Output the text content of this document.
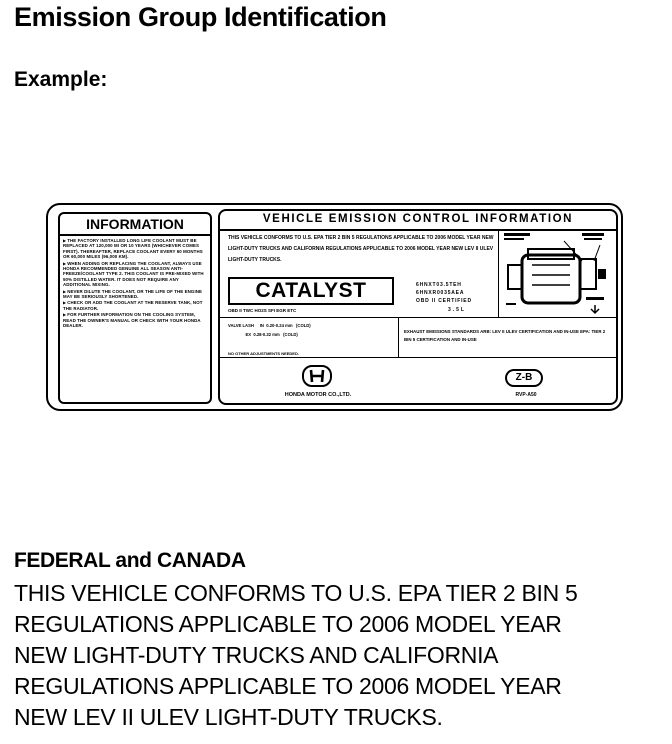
Emission Group Identification
Example:
INFORMATION
▶ THE FACTORY INSTALLED LONG LIFE COOLANT MUST BE REPLACED AT 120,000 MI OR 10 YEARS (WHICHEVER COMES FIRST). THEREAFTER, REPLACE COOLANT EVERY 60 MONTHS OR 60,000 MILES (96,000 KM).
▶ WHEN ADDING OR REPLACING THE COOLANT, ALWAYS USE HONDA RECOMMENDED GENUINE ALL SEASON ANTI-FREEZE/COOLANT TYPE 2. THIS COOLANT IS PRE-MIXED WITH 50% DISTILLED WATER. IT DOES NOT REQUIRE ANY ADDITIONAL MIXING.
▶ NEVER DILUTE THE COOLANT, OR THE LIFE OF THE ENGINE MAY BE SERIOUSLY SHORTENED.
▶ CHECK OR ADD THE COOLANT AT THE RESERVE TANK, NOT THE RADIATOR.
▶ FOR FURTHER INFORMATION ON THE COOLING SYSTEM, READ THE OWNER'S MANUAL OR CHECK WITH YOUR HONDA DEALER.
VEHICLE EMISSION CONTROL INFORMATION
THIS VEHICLE CONFORMS TO U.S. EPA TIER 2 BIN 5 REGULATIONS APPLICABLE TO 2006 MODEL YEAR NEW LIGHT-DUTY TRUCKS AND CALIFORNIA REGULATIONS APPLICABLE TO 2006 MODEL YEAR NEW LEV II ULEV LIGHT-DUTY TRUCKS.
CATALYST
OBD II TWC HO2S SFI EGR ETC
6HNXT03.5TEH
6HNXR0035AEA
OBD II CERTIFIED
3.5L
VALVE LASH     IN  0.20-0.24 mm   (COLD)
EX  0.28-0.32 mm   (COLD)
NO OTHER ADJUSTMENTS NEEDED.
EXHAUST EMISSIONS STANDARDS ARB: LEV II ULEV CERTIFICATION AND IN-USE EPA: TIER 2 BIN 5 CERTIFICATION AND IN-USE
HONDA MOTOR CO.,LTD.
Z-B
RVP-A50
FEDERAL and CANADA
THIS VEHICLE CONFORMS TO U.S. EPA TIER 2 BIN 5
REGULATIONS APPLICABLE TO 2006 MODEL YEAR
NEW LIGHT-DUTY TRUCKS AND CALIFORNIA
REGULATIONS APPLICABLE TO 2006 MODEL YEAR
NEW LEV II ULEV LIGHT-DUTY TRUCKS.
